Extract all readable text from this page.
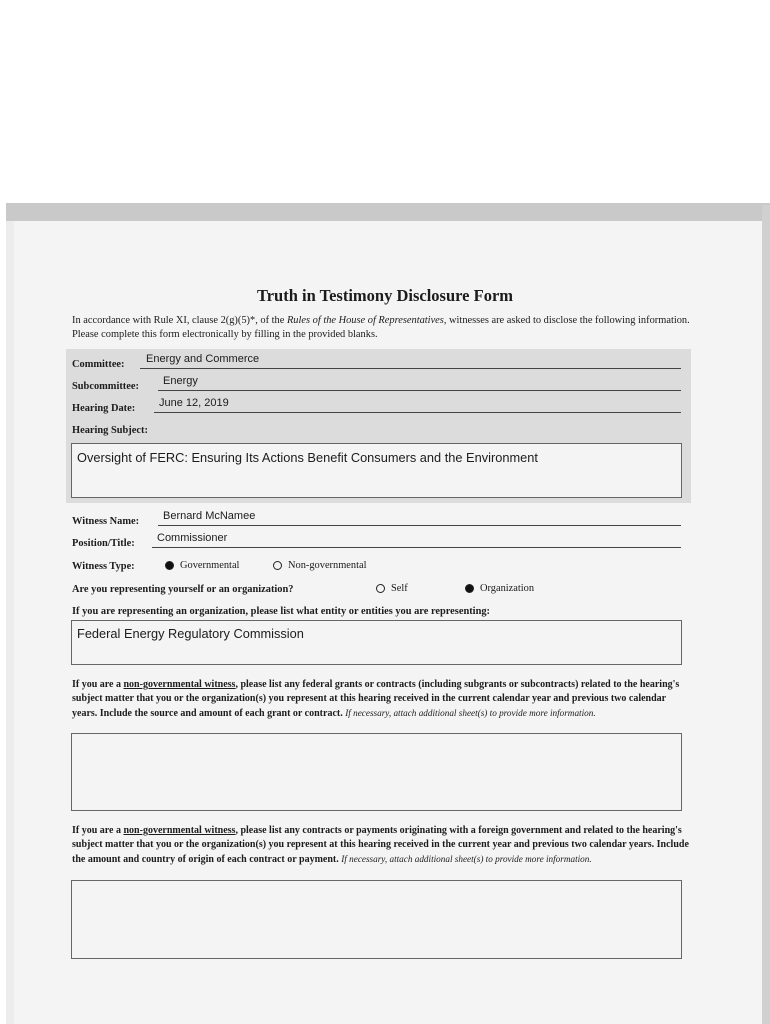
Truth in Testimony Disclosure Form
In accordance with Rule XI, clause 2(g)(5)*, of the Rules of the House of Representatives, witnesses are asked to disclose the following information. Please complete this form electronically by filling in the provided blanks.
Committee: Energy and Commerce
Subcommittee: Energy
Hearing Date: June 12, 2019
Hearing Subject:
Oversight of FERC: Ensuring Its Actions Benefit Consumers and the Environment
Witness Name: Bernard McNamee
Position/Title: Commissioner
Witness Type:	Governmental	Non-governmental
Are you representing yourself or an organization?	Self	Organization
If you are representing an organization, please list what entity or entities you are representing:
Federal Energy Regulatory Commission
If you are a non-governmental witness, please list any federal grants or contracts (including subgrants or subcontracts) related to the hearing's subject matter that you or the organization(s) you represent at this hearing received in the current calendar year and previous two calendar years. Include the source and amount of each grant or contract. If necessary, attach additional sheet(s) to provide more information.
If you are a non-governmental witness, please list any contracts or payments originating with a foreign government and related to the hearing's subject matter that you or the organization(s) you represent at this hearing received in the current year and previous two calendar years. Include the amount and country of origin of each contract or payment. If necessary, attach additional sheet(s) to provide more information.
